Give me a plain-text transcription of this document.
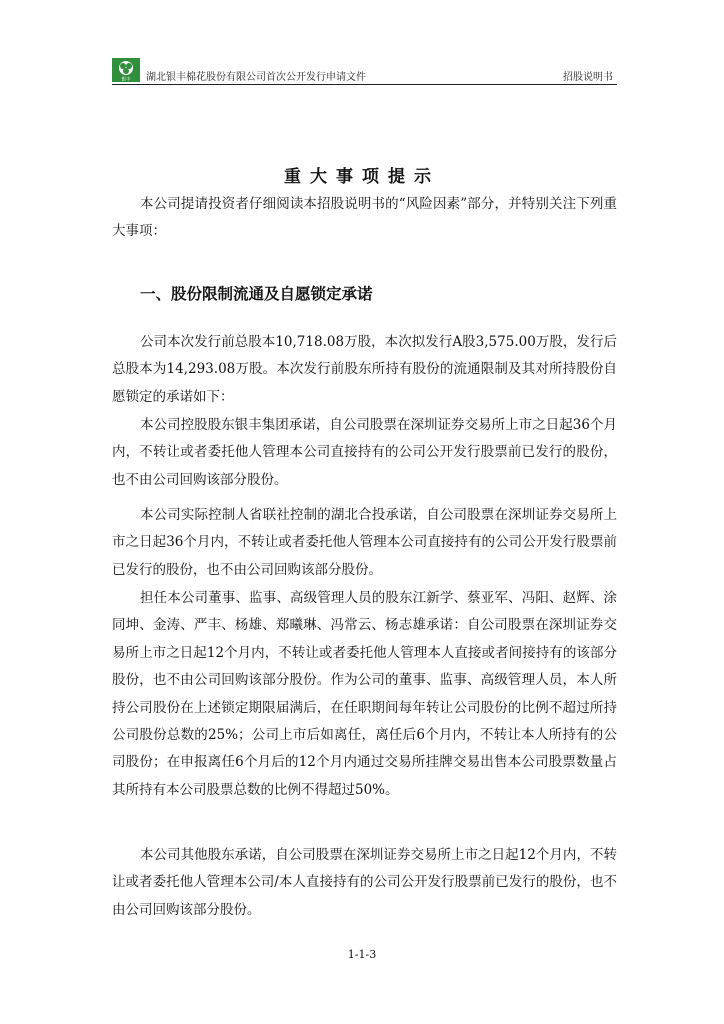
银丰 湖北银丰棉花股份有限公司首次公开发行申请文件	招股说明书
重大事项提示

本公司提请投资者仔细阅读本招股说明书的“风险因素”部分，并特别关注下列重大事项：

一、股份限制流通及自愿锁定承诺

公司本次发行前总股本10,718.08万股，本次拟发行A股3,575.00万股，发行后总股本为14,293.08万股。本次发行前股东所持有股份的流通限制及其对所持股份自愿锁定的承诺如下：

本公司控股股东银丰集团承诺，自公司股票在深圳证券交易所上市之日起36个月内，不转让或者委托他人管理本公司直接持有的公司公开发行股票前已发行的股份，也不由公司回购该部分股份。

本公司实际控制人省联社控制的湖北合投承诺，自公司股票在深圳证券交易所上市之日起36个月内，不转让或者委托他人管理本公司直接持有的公司公开发行股票前已发行的股份，也不由公司回购该部分股份。

担任本公司董事、监事、高级管理人员的股东江新学、蔡亚军、冯阳、赵辉、涂同坤、金涛、严丰、杨雄、郑曦琳、冯常云、杨志雄承诺：自公司股票在深圳证券交易所上市之日起12个月内，不转让或者委托他人管理本人直接或者间接持有的该部分股份，也不由公司回购该部分股份。作为公司的董事、监事、高级管理人员，本人所持公司股份在上述锁定期限届满后，在任职期间每年转让公司股份的比例不超过所持公司股份总数的25%；公司上市后如离任，离任后6个月内，不转让本人所持有的公司股份；在申报离任6个月后的12个月内通过交易所挂牌交易出售本公司股票数量占其所持有本公司股票总数的比例不得超过50%。

本公司其他股东承诺，自公司股票在深圳证券交易所上市之日起12个月内，不转让或者委托他人管理本公司/本人直接持有的公司公开发行股票前已发行的股份，也不由公司回购该部分股份。

1-1-3
